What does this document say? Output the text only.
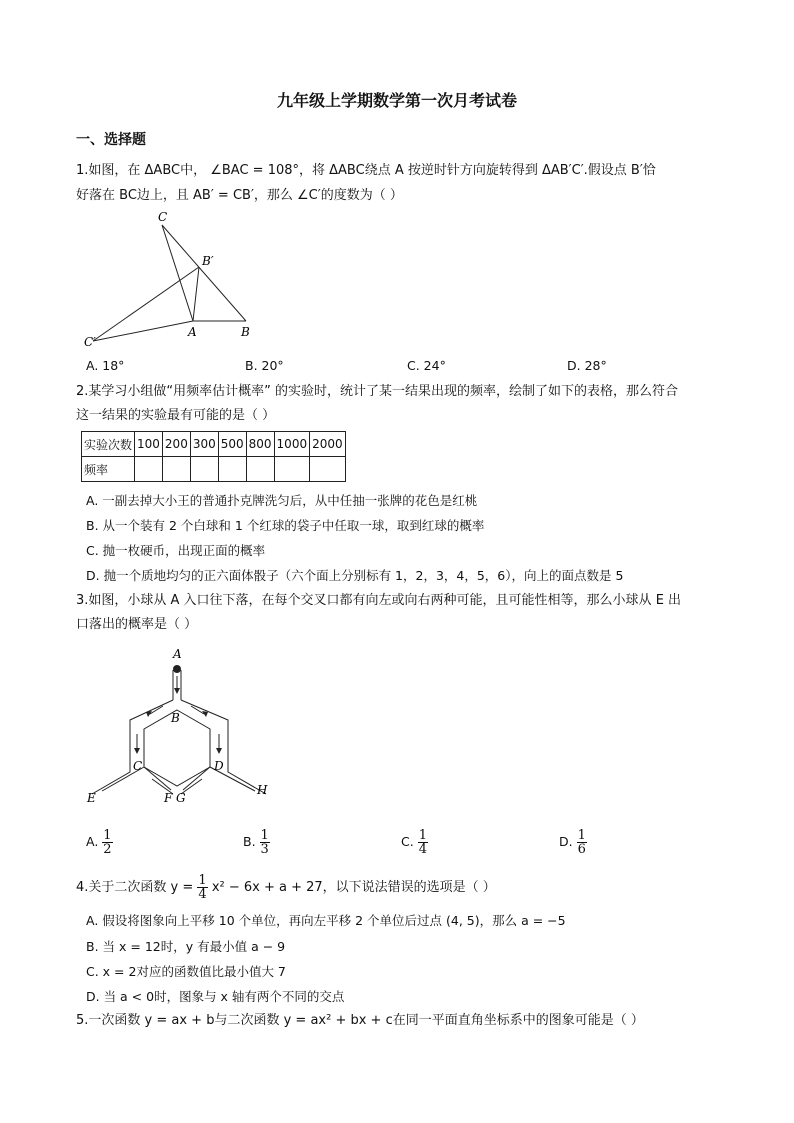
九年级上学期数学第一次月考试卷
一、选择题
1.如图，在 ΔABC中， ∠BAC = 108°，将 ΔABC绕点 A 按逆时针方向旋转得到 ΔAB′C′.假设点 B′恰
好落在 BC边上，且 AB′ = CB′，那么 ∠C′的度数为（ ）
C
B′
C′
A	B
A. 18°	B. 20°	C. 24°	D. 28°
2.某学习小组做“用频率估计概率” 的实验时，统计了某一结果出现的频率，绘制了如下的表格，那么符合
这一结果的实验最有可能的是（ ）
实验次数	100	200	300	500	800	1000	2000
频率							
A. 一副去掉大小王的普通扑克牌洗匀后，从中任抽一张牌的花色是红桃
B. 从一个装有 2 个白球和 1 个红球的袋子中任取一球，取到红球的概率
C. 抛一枚硬币，出现正面的概率
D. 抛一个质地均匀的正六面体骰子（六个面上分别标有 1，2，3，4，5，6），向上的面点数是 5
3.如图，小球从 A 入口往下落，在每个交叉口都有向左或向右两种可能，且可能性相等，那么小球从 E 出
口落出的概率是（ ）
A
B
C	D
E	F G
H
A. $\frac{1}{2}$	B. $\frac{1}{3}$	C. $\frac{1}{4}$	D. $\frac{1}{6}$
4.关于二次函数 $y = \frac{1}{4} x^2 - 6x + a + 27$，以下说法错误的选项是（ ）
A. 假设将图象向上平移 10 个单位，再向左平移 2 个单位后过点 (4, 5)，那么 a = −5
B. 当 x = 12时，y 有最小值 a − 9
C. x = 2对应的函数值比最小值大 7
D. 当 a < 0时，图象与 x 轴有两个不同的交点
5.一次函数 y = ax + b与二次函数 y = ax² + bx + c在同一平面直角坐标系中的图象可能是（ ）
